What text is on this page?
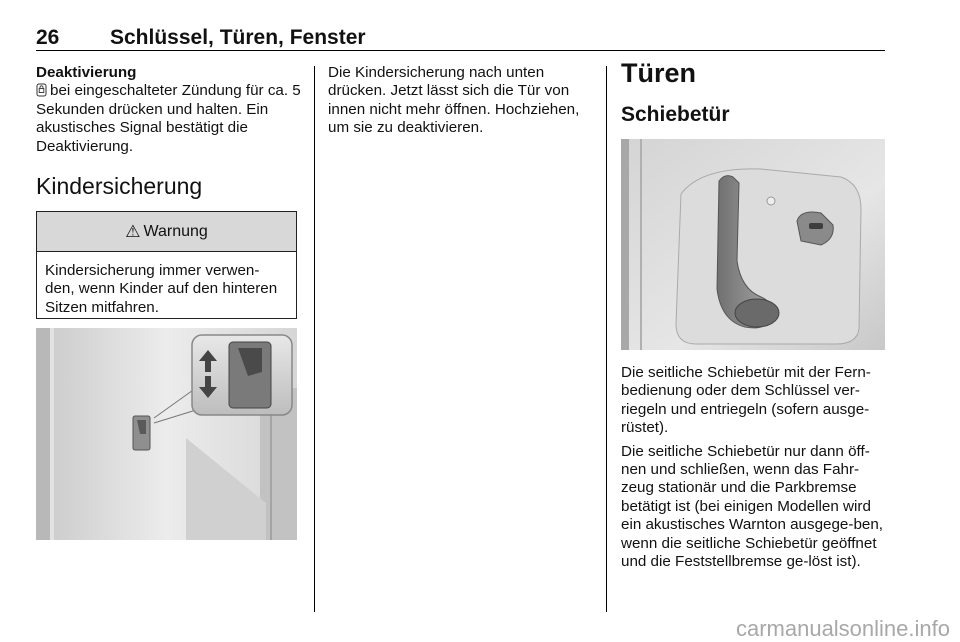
26 Schlüssel, Türen, Fenster

Deaktivierung

bei eingeschalteter Zündung für ca. 5 Sekunden drücken und halten. Ein akustisches Signal bestätigt die Deaktivierung.

Kindersicherung
⚠ Warnung
Kindersicherung immer verwen-den, wenn Kinder auf den hinteren Sitzen mitfahren.

Die Kindersicherung nach unten drücken. Jetzt lässt sich die Tür von innen nicht mehr öffnen. Hochziehen, um sie zu deaktivieren.

Türen
Schiebetür

Die seitliche Schiebetür mit der Fern-bedienung oder dem Schlüssel ver-riegeln und entriegeln (sofern ausge-rüstet).

Die seitliche Schiebetür nur dann öff-nen und schließen, wenn das Fahr-zeug stationär und die Parkbremse betätigt ist (bei einigen Modellen wird ein akustisches Warnton ausgege-ben, wenn die seitliche Schiebetür geöffnet und die Feststellbremse ge-löst ist).

carmanualsonline.info
